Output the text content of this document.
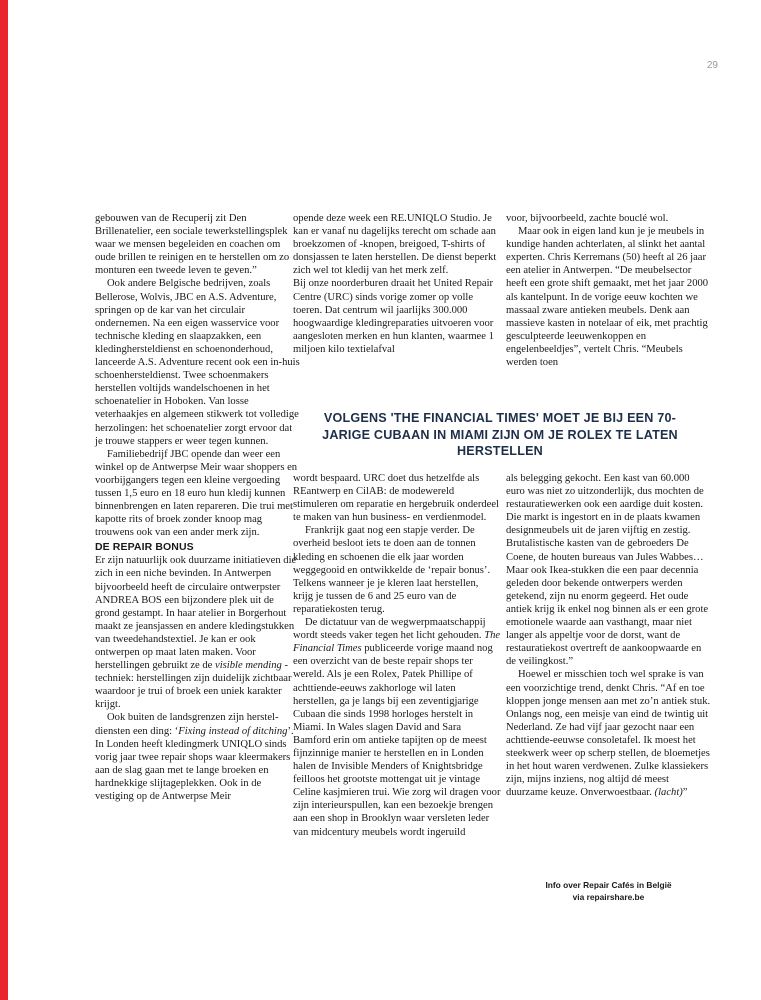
29

gebouwen van de Recuperij zit Den Brillenatelier, een sociale tewerkstellingsplek waar we mensen begeleiden en coachen om oude brillen te reinigen en te herstellen om zo monturen een tweede leven te geven.”

Ook andere Belgische bedrijven, zoals Bellerose, Wolvis, JBC en A.S. Adventure, springen op de kar van het circulair ondernemen. Na een eigen wasservice voor technische kleding en slaapzakken, een kledinghersteldienst en schoenonderhoud, lanceerde A.S. Adventure recent ook een in-huis schoenhersteldienst. Twee schoenmakers herstellen voltijds wandelschoenen in het schoenatelier in Hoboken. Van losse veterhaakjes en algemeen stikwerk tot volledige herzolingen: het schoenatelier zorgt ervoor dat je trouwe stappers er weer tegen kunnen.

Familiebedrijf JBC opende dan weer een winkel op de Antwerpse Meir waar shoppers en voorbijgangers tegen een kleine vergoeding tussen 1,5 euro en 18 euro hun kledij kunnen binnenbrengen en laten repareren. Die trui met kapotte rits of broek zonder knoop mag trouwens ook van een ander merk zijn.

DE REPAIR BONUS

Er zijn natuurlijk ook duurzame initiatieven die zich in een niche bevinden. In Antwerpen bijvoorbeeld heeft de circulaire ontwerpster ANDREA BOS een bijzondere plek uit de grond gestampt. In haar atelier in Borgerhout maakt ze jeansjassen en andere kledingstukken van tweedehandstextiel. Je kan er ook ontwerpen op maat laten maken. Voor herstellingen gebruikt ze de visible mending -techniek: herstellingen zijn duidelijk zichtbaar waardoor je trui of broek een uniek karakter krijgt.

Ook buiten de landsgrenzen zijn hersteldiensten een ding: ‘Fixing instead of ditching’. In Londen heeft kledingmerk UNIQLO sinds vorig jaar twee repair shops waar kleermakers aan de slag gaan met te lange broeken en hardnekkige slijtageplekken. Ook in de vestiging op de Antwerpse Meir

opende deze week een RE.UNIQLO Studio. Je kan er vanaf nu dagelijks terecht om schade aan broekzomen of -knopen, breigoed, T-shirts of donsjassen te laten herstellen. De dienst beperkt zich wel tot kledij van het merk zelf.

Bij onze noorderburen draait het United Repair Centre (URC) sinds vorige zomer op volle toeren. Dat centrum wil jaarlijks 300.000 hoogwaardige kledingreparaties uitvoeren voor aangesloten merken en hun klanten, waarmee 1 miljoen kilo textielafval

voor, bijvoorbeeld, zachte bouclé wol.

Maar ook in eigen land kun je je meubels in kundige handen achterlaten, al slinkt het aantal experten. Chris Kerremans (50) heeft al 26 jaar een atelier in Antwerpen. “De meubelsector heeft een grote shift gemaakt, met het jaar 2000 als kantelpunt. In de vorige eeuw kochten we massaal zware antieken meubels. Denk aan massieve kasten in notelaar of eik, met prachtig gesculpteerde leeuwenkoppen en engelenbeeldjes”, vertelt Chris. “Meubels werden toen

VOLGENS 'THE FINANCIAL TIMES' MOET JE BIJ EEN 70-JARIGE CUBAAN IN MIAMI ZIJN OM JE ROLEX TE LATEN HERSTELLEN

wordt bespaard. URC doet dus hetzelfde als REantwerp en CilAB: de modewereld stimuleren om reparatie en hergebruik onderdeel te maken van hun business- en verdienmodel.

Frankrijk gaat nog een stapje verder. De overheid besloot iets te doen aan de tonnen kleding en schoenen die elk jaar worden weggegooid en ontwikkelde de ‘repair bonus’. Telkens wanneer je je kleren laat herstellen, krijg je tussen de 6 and 25 euro van de reparatiekosten terug.

De dictatuur van de wegwerpmaatschappij wordt steeds vaker tegen het licht gehouden. The Financial Times publiceerde vorige maand nog een overzicht van de beste repair shops ter wereld. Als je een Rolex, Patek Phillipe of achttiende-eeuws zakhorloge wil laten herstellen, ga je langs bij een zeventigjarige Cubaan die sinds 1998 horloges herstelt in Miami. In Wales slagen David and Sara Bamford erin om antieke tapijten op de meest fijnzinnige manier te herstellen en in Londen halen de Invisible Menders of Knightsbridge feilloos het grootste mottengat uit je vintage Celine kasjmieren trui. Wie zorg wil dragen voor zijn interieurspullen, kan een bezoekje brengen aan een shop in Brooklyn waar versleten leder van midcentury meubels wordt ingeruild

als belegging gekocht. Een kast van 60.000 euro was niet zo uitzonderlijk, dus mochten de restauratiewerken ook een aardige duit kosten. Die markt is ingestort en in de plaats kwamen designmeubels uit de jaren vijftig en zestig. Brutalistische kasten van de gebroeders De Coene, de houten bureaus van Jules Wabbes… Maar ook Ikea-stukken die een paar decennia geleden door bekende ontwerpers werden getekend, zijn nu enorm gegeerd. Het oude antiek krijg ik enkel nog binnen als er een grote emotionele waarde aan vasthangt, maar niet langer als appeltje voor de dorst, want de restauratiekost overtreft de aankoopwaarde en de veilingkost.”

Hoewel er misschien toch wel sprake is van een voorzichtige trend, denkt Chris. “Af en toe kloppen jonge mensen aan met zo’n antiek stuk. Onlangs nog, een meisje van eind de twintig uit Nederland. Ze had vijf jaar gezocht naar een achttiende-eeuwse consoletafel. Ik moest het steekwerk weer op scherp stellen, de bloemetjes in het hout waren verdwenen. Zulke klassiekers zijn, mijns inziens, nog altijd dé meest duurzame keuze. Onverwoestbaar. (lacht)”

Info over Repair Cafés in België
via repairshare.be
